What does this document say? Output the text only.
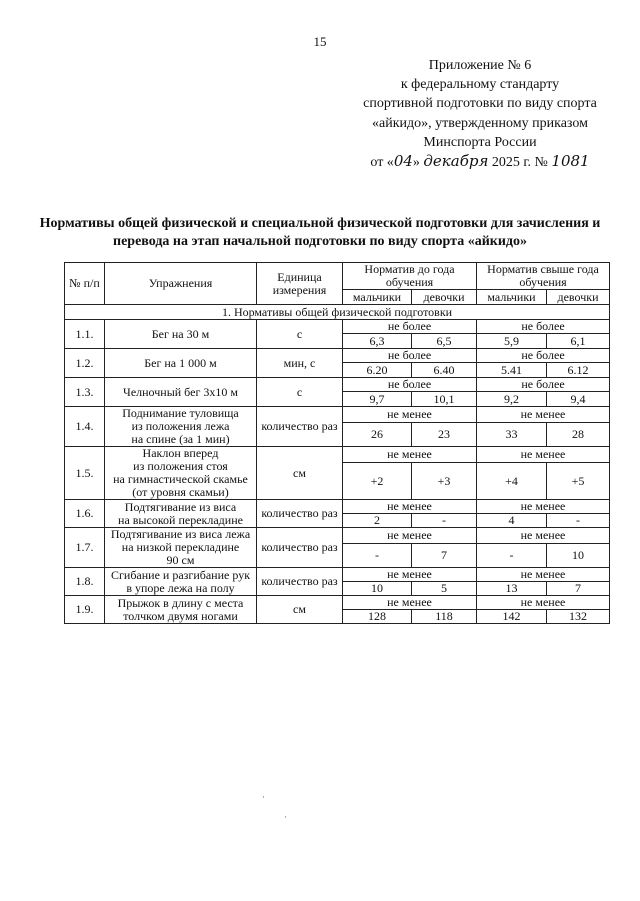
15
Приложение № 6
к федеральному стандарту
спортивной подготовки по виду спорта
«айкидо», утвержденному приказом
Минспорта России
от «04» декабря 2025 г. № 1081
Нормативы общей физической и специальной физической подготовки для зачисления и перевода на этап начальной подготовки по виду спорта «айкидо»
№ п/п	Упражнения	Единица измерения	Норматив до года обучения		Норматив свыше года обучения	
			мальчики	девочки	мальчики	девочки
1. Нормативы общей физической подготовки						
1.1.	Бег на 30 м	с	не более		не более	
			6,3	6,5	5,9	6,1
1.2.	Бег на 1 000 м	мин, с	не более		не более	
			6.20	6.40	5.41	6.12
1.3.	Челночный бег 3х10 м	с	не более		не более	
			9,7	10,1	9,2	9,4
1.4.	Поднимание туловища
из положения лежа
на спине (за 1 мин)	количество раз	не менее		не менее	
			26	23	33	28
1.5.	Наклон вперед
из положения стоя
на гимнастической скамье
(от уровня скамьи)	см	не менее		не менее	
			+2	+3	+4	+5
1.6.	Подтягивание из виса
на высокой перекладине	количество раз	не менее		не менее	
			2	-	4	-
1.7.	Подтягивание из виса лежа
на низкой перекладине
90 см	количество раз	не менее		не менее	
			-	7	-	10
1.8.	Сгибание и разгибание рук
в упоре лежа на полу	количество раз	не менее		не менее	
			10	5	13	7
1.9.	Прыжок в длину с места
толчком двумя ногами	см	не менее		не менее	
			128	118	142	132
·
·
